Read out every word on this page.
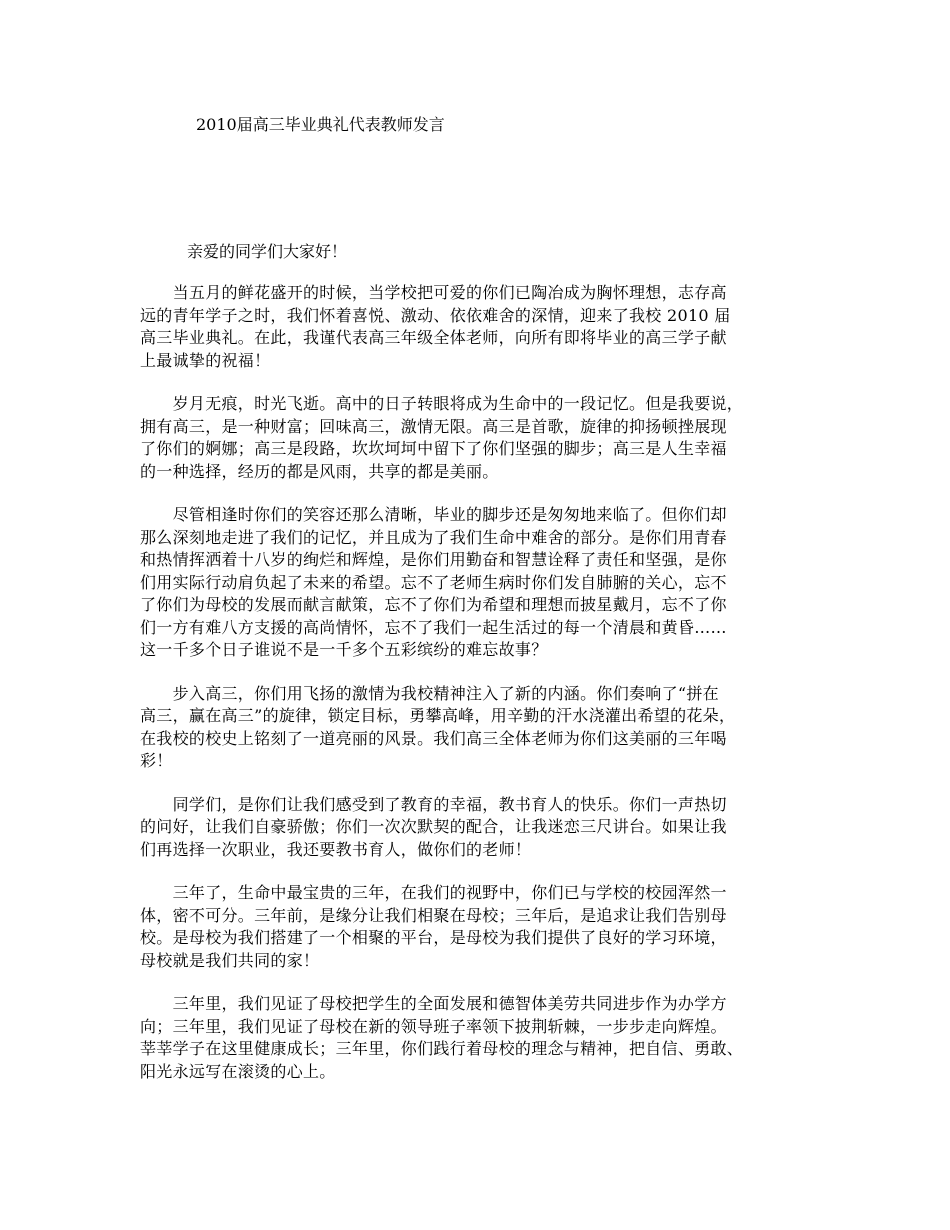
2010届高三毕业典礼代表教师发言
亲爱的同学们大家好！
　　当五月的鲜花盛开的时候，当学校把可爱的你们已陶冶成为胸怀理想，志存高
远的青年学子之时，我们怀着喜悦、激动、依依难舍的深情，迎来了我校 2010 届
高三毕业典礼。在此，我谨代表高三年级全体老师，向所有即将毕业的高三学子献
上最诚挚的祝福！
　　岁月无痕，时光飞逝。高中的日子转眼将成为生命中的一段记忆。但是我要说，
拥有高三，是一种财富；回味高三，激情无限。高三是首歌，旋律的抑扬顿挫展现
了你们的婀娜；高三是段路，坎坎坷坷中留下了你们坚强的脚步；高三是人生幸福
的一种选择，经历的都是风雨，共享的都是美丽。
　　尽管相逢时你们的笑容还那么清晰，毕业的脚步还是匆匆地来临了。但你们却
那么深刻地走进了我们的记忆，并且成为了我们生命中难舍的部分。是你们用青春
和热情挥洒着十八岁的绚烂和辉煌，是你们用勤奋和智慧诠释了责任和坚强，是你
们用实际行动肩负起了未来的希望。忘不了老师生病时你们发自肺腑的关心，忘不
了你们为母校的发展而献言献策，忘不了你们为希望和理想而披星戴月，忘不了你
们一方有难八方支援的高尚情怀，忘不了我们一起生活过的每一个清晨和黄昏……
这一千多个日子谁说不是一千多个五彩缤纷的难忘故事？
　　步入高三，你们用飞扬的激情为我校精神注入了新的内涵。你们奏响了“拼在
高三，赢在高三”的旋律，锁定目标，勇攀高峰，用辛勤的汗水浇灌出希望的花朵，
在我校的校史上铭刻了一道亮丽的风景。我们高三全体老师为你们这美丽的三年喝
彩！
　　同学们，是你们让我们感受到了教育的幸福，教书育人的快乐。你们一声热切
的问好，让我们自豪骄傲；你们一次次默契的配合，让我迷恋三尺讲台。如果让我
们再选择一次职业，我还要教书育人，做你们的老师！
　　三年了，生命中最宝贵的三年，在我们的视野中，你们已与学校的校园浑然一
体，密不可分。三年前，是缘分让我们相聚在母校；三年后，是追求让我们告别母
校。是母校为我们搭建了一个相聚的平台，是母校为我们提供了良好的学习环境，
母校就是我们共同的家！
　　三年里，我们见证了母校把学生的全面发展和德智体美劳共同进步作为办学方
向；三年里，我们见证了母校在新的领导班子率领下披荆斩棘，一步步走向辉煌。
莘莘学子在这里健康成长；三年里，你们践行着母校的理念与精神，把自信、勇敢、
阳光永远写在滚烫的心上。
